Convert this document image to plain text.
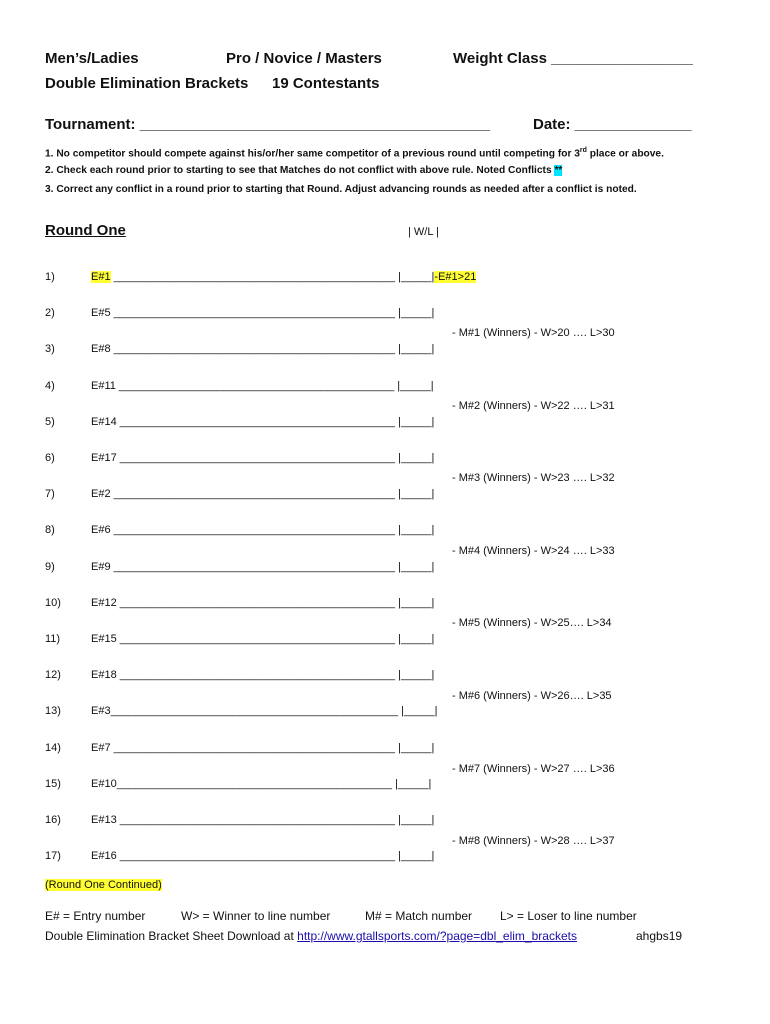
Men’s/Ladies	Pro / Novice / Masters	Weight Class _________________
Double Elimination Brackets 19 Contestants
Tournament: __________________________________________	Date: ______________
1. No competitor should compete against his/or/her same competitor of a previous round until competing for 3rd place or above.
2. Check each round prior to starting to see that Matches do not conflict with above rule. Noted Conflicts **
3. Correct any conflict in a round prior to starting that Round. Adjust advancing rounds as needed after a conflict is noted.
Round One	| W/L |
1)	E#1 ______________________________________________ |_____|-E#1>21
2)	E#5 ______________________________________________ |_____|
3)	E#8 ______________________________________________ |_____|
4)	E#11 _____________________________________________ |_____|
5)	E#14 _____________________________________________ |_____|
6)	E#17 _____________________________________________ |_____|
7)	E#2 ______________________________________________ |_____|
8)	E#6 ______________________________________________ |_____|
9)	E#9 ______________________________________________ |_____|
10)	E#12 _____________________________________________ |_____|
11)	E#15 _____________________________________________ |_____|
12)	E#18 _____________________________________________ |_____|
13)	E#3_______________________________________________ |_____|
14)	E#7 ______________________________________________ |_____|
15)	E#10_____________________________________________ |_____|
16)	E#13 _____________________________________________ |_____|
17)	E#16 _____________________________________________ |_____|
- M#1 (Winners) - W>20 …. L>30
- M#2 (Winners) - W>22 …. L>31
- M#3 (Winners) - W>23 …. L>32
- M#4 (Winners) - W>24 …. L>33
- M#5 (Winners) - W>25…. L>34
- M#6 (Winners) - W>26…. L>35
- M#7 (Winners) - W>27 …. L>36
- M#8 (Winners) - W>28 …. L>37
(Round One Continued)
E# = Entry number	W> = Winner to line number	M# = Match number L> = Loser to line number
Double Elimination Bracket Sheet Download at http://www.gtallsports.com/?page=dbl_elim_brackets	ahgbs19
